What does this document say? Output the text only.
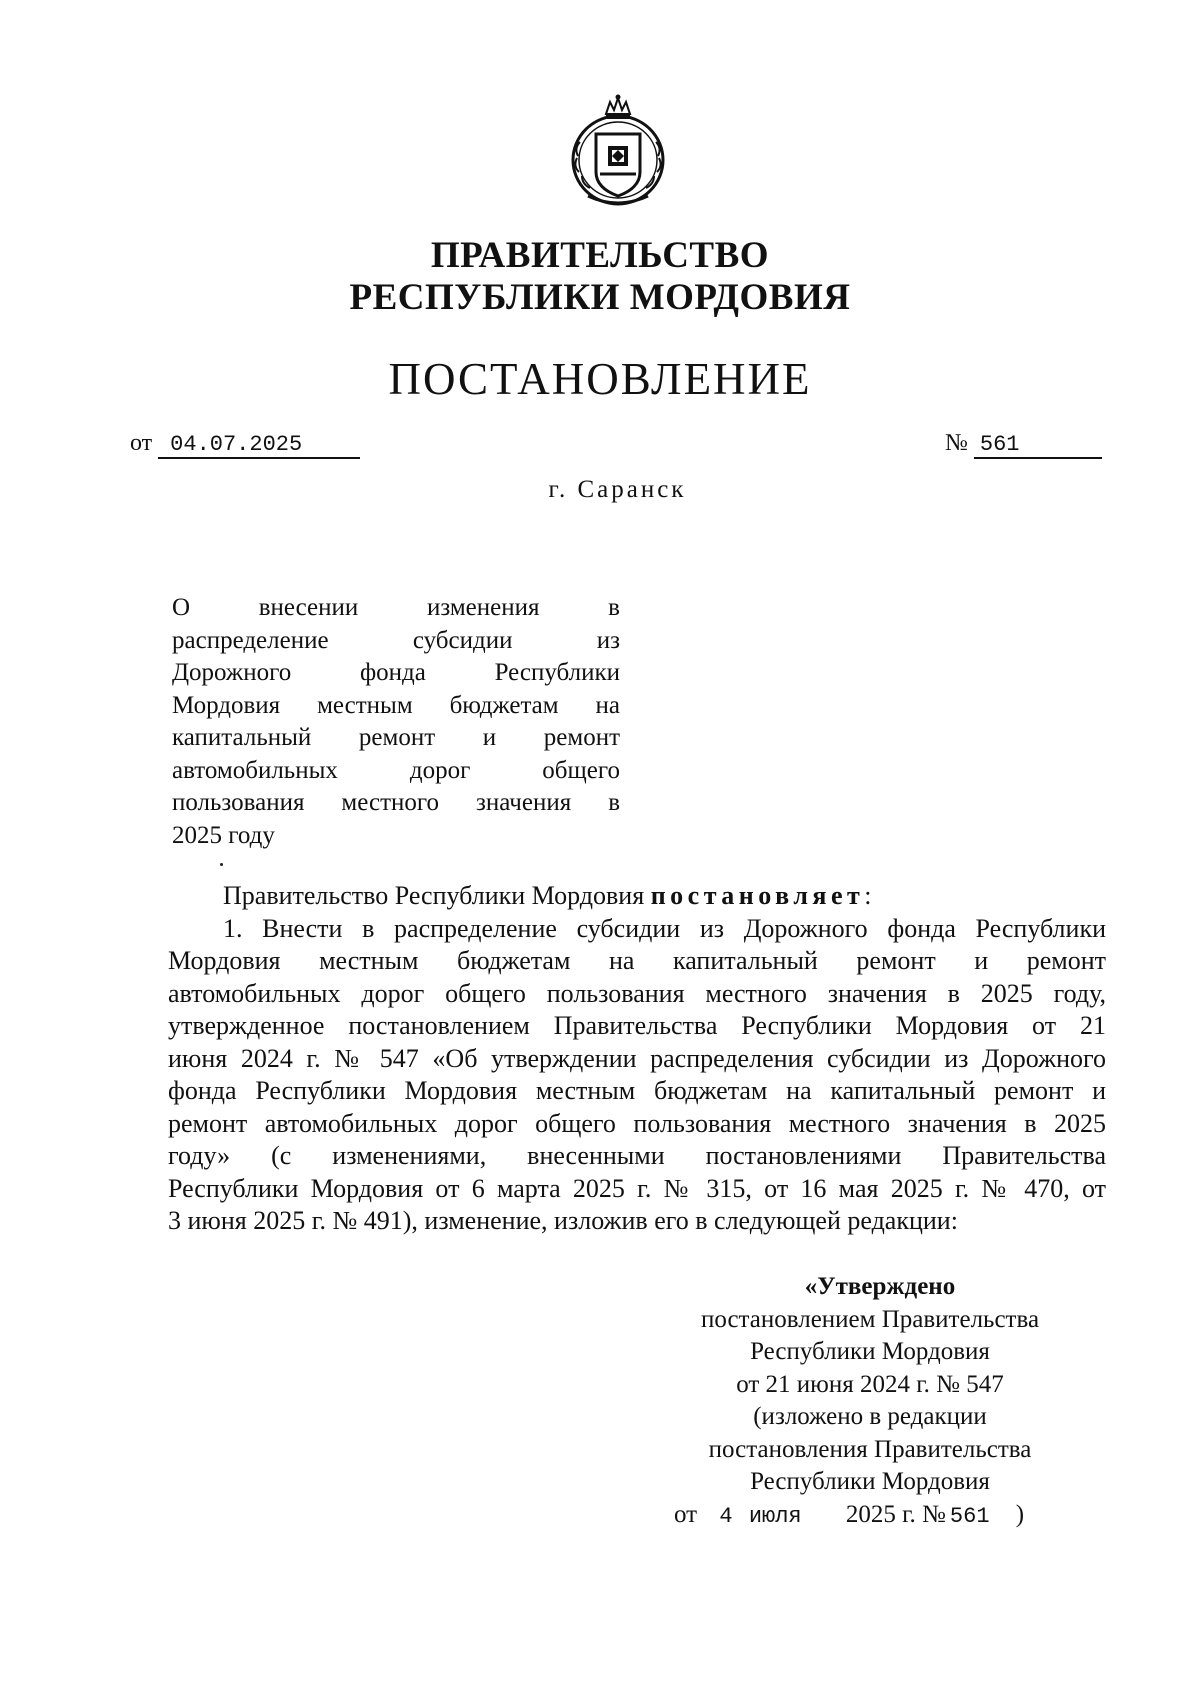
ПРАВИТЕЛЬСТВО
РЕСПУБЛИКИ МОРДОВИЯ
ПОСТАНОВЛЕНИЕ
от 04.07.2025	№ 561
г. Саранск
О внесении изменения в
распределение субсидии из
Дорожного фонда Республики
Мордовия местным бюджетам на
капитальный ремонт и ремонт
автомобильных дорог общего
пользования местного значения в
2025 году
Правительство Республики Мордовия постановляет:
1. Внести в распределение субсидии из Дорожного фонда Республики
Мордовия местным бюджетам на капитальный ремонт и ремонт
автомобильных дорог общего пользования местного значения в 2025 году,
утвержденное постановлением Правительства Республики Мордовия от 21
июня 2024 г. № 547 «Об утверждении распределения субсидии из Дорожного
фонда Республики Мордовия местным бюджетам на капитальный ремонт и
ремонт автомобильных дорог общего пользования местного значения в 2025
году» (с изменениями, внесенными постановлениями Правительства
Республики Мордовия от 6 марта 2025 г. № 315, от 16 мая 2025 г. № 470, от
3 июня 2025 г. № 491), изменение, изложив его в следующей редакции:
«Утверждено
постановлением Правительства
Республики Мордовия
от 21 июня 2024 г. № 547
(изложено в редакции
постановления Правительства
Республики Мордовия
от 4 июля 2025 г. № 561 )
